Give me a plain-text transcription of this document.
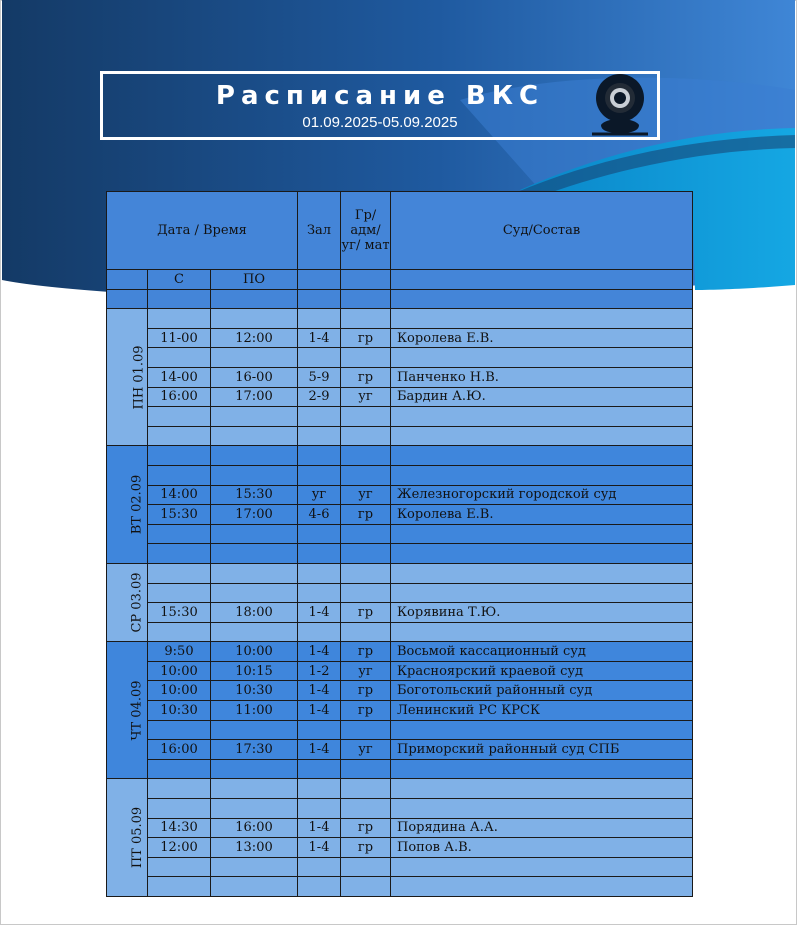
Расписание ВКС
01.09.2025-05.09.2025
Дата / Время			Зал	Гр/ адм/ уг/ мат	Суд/Состав
	С	ПО			

ПН 01.09					
	11-00	12:00	1-4	гр	Королева Е.В.

	14-00	16-00	5-9	гр	Панченко Н.В.
	16:00	17:00	2-9	уг	Бардин А.Ю.

ВТ 02.09					

	14:00	15:30	уг	уг	Железногорский городской суд
	15:30	17:00	4-6	гр	Королева Е.В.

СР 03.09					

	15:30	18:00	1-4	гр	Корявина Т.Ю.

ЧТ 04.09	9:50	10:00	1-4	гр	Восьмой кассационный суд
	10:00	10:15	1-2	уг	Красноярский краевой суд
	10:00	10:30	1-4	гр	Боготольский районный суд
	10:30	11:00	1-4	гр	Ленинский РС КРСК

	16:00	17:30	1-4	уг	Приморский районный суд СПБ

ПТ 05.09					

	14:30	16:00	1-4	гр	Порядина А.А.
	12:00	13:00	1-4	гр	Попов А.В.
